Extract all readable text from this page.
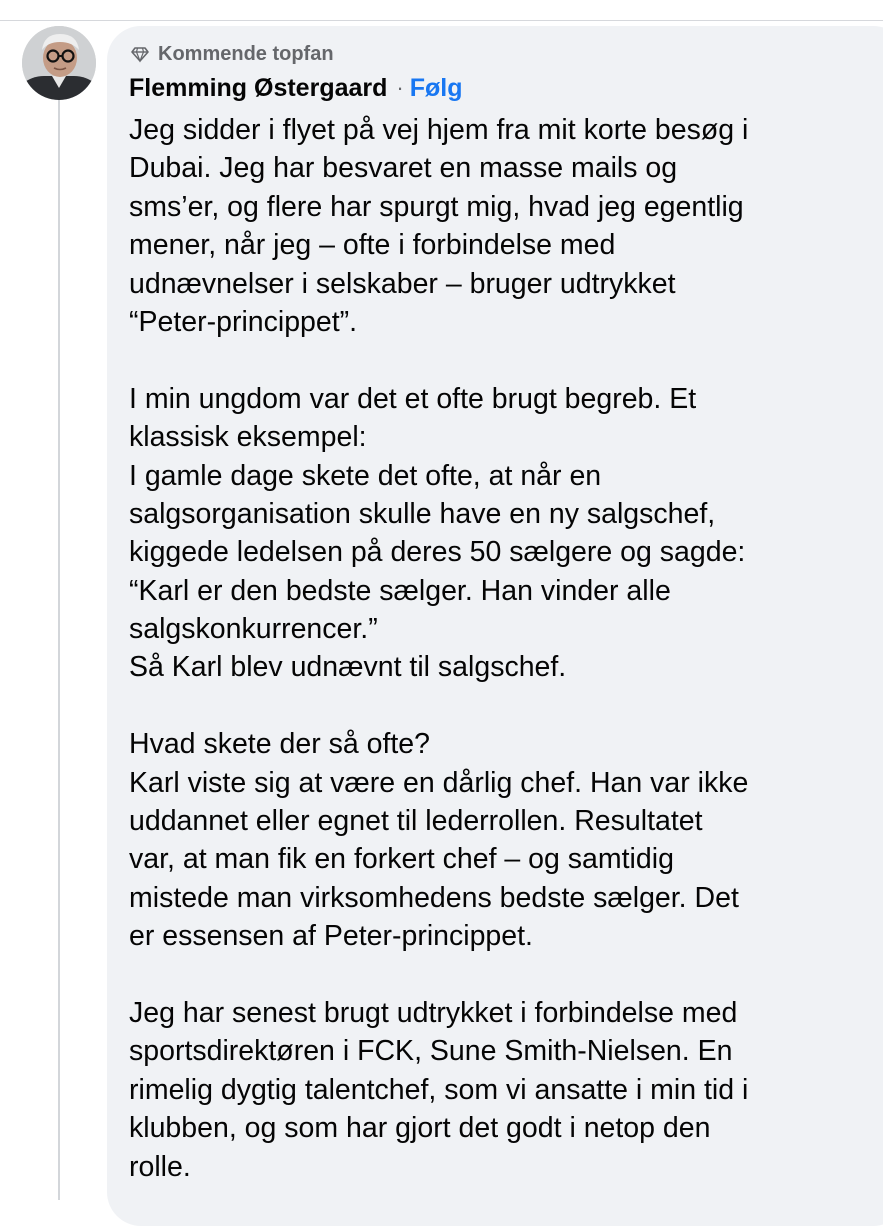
Kommende topfan
Flemming Østergaard · Følg
Jeg sidder i flyet på vej hjem fra mit korte besøg i
Dubai. Jeg har besvaret en masse mails og
sms’er, og flere har spurgt mig, hvad jeg egentlig
mener, når jeg – ofte i forbindelse med
udnævnelser i selskaber – bruger udtrykket
“Peter-princippet”.
I min ungdom var det et ofte brugt begreb. Et
klassisk eksempel:
I gamle dage skete det ofte, at når en
salgsorganisation skulle have en ny salgschef,
kiggede ledelsen på deres 50 sælgere og sagde:
“Karl er den bedste sælger. Han vinder alle
salgskonkurrencer.”
Så Karl blev udnævnt til salgschef.
Hvad skete der så ofte?
Karl viste sig at være en dårlig chef. Han var ikke
uddannet eller egnet til lederrollen. Resultatet
var, at man fik en forkert chef – og samtidig
mistede man virksomhedens bedste sælger. Det
er essensen af Peter-princippet.
Jeg har senest brugt udtrykket i forbindelse med
sportsdirektøren i FCK, Sune Smith-Nielsen. En
rimelig dygtig talentchef, som vi ansatte i min tid i
klubben, og som har gjort det godt i netop den
rolle.
